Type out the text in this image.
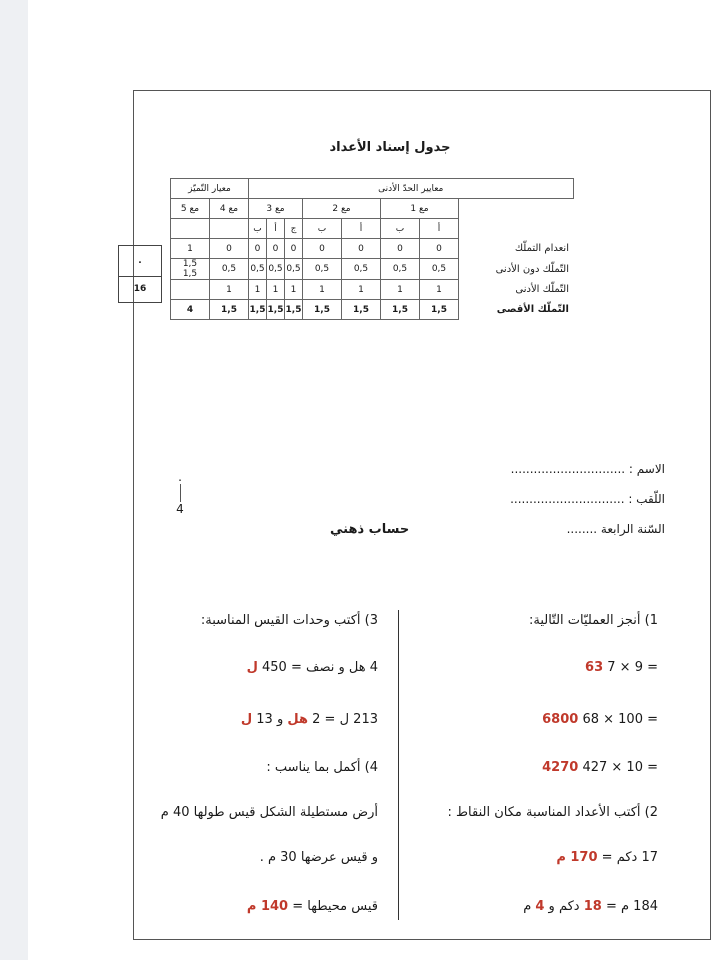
جدول إسناد الأعداد
معيار التّميّز		معايير الحدّ الأدنى								
مع 5	مع 4	مع 3			مع 2		مع 1			
		ب	أ	ج	ب	أ	ب	أ		
1	0	0	0	0	0	0	0	0	انعدام التملّك	
1,5
1,5	0,5	0,5	0,5	0,5	0,5	0,5	0,5	0,5	التّملّك دون الأدنى	
	1	1	1	1	1	1	1	1	التّملّك الأدنى	
4	1,5	1,5	1,5	1,5	1,5	1,5	1,5	1,5	التّملّك الأقصى	
.
16
.
4
الاسم : ..............................
اللّقب : ..............................
السّنة الرابعة ........
حساب ذهني
1) أنجز العمليّات التّالية:
7 × 9 = 63
68 × 100 = 6800
427 × 10 = 4270
2) أكتب الأعداد المناسبة مكان النقاط :
17 دكم = 170 م
184 م = 18 دكم و 4 م
3) أكتب وحدات القيس المناسبة:
4 هل و نصف = 450 ل
213 ل = 2 هل و 13 ل
4) أكمل بما يناسب :
أرض مستطيلة الشكل قيس طولها 40 م
و قيس عرضها 30 م .
قيس محيطها = 140 م
